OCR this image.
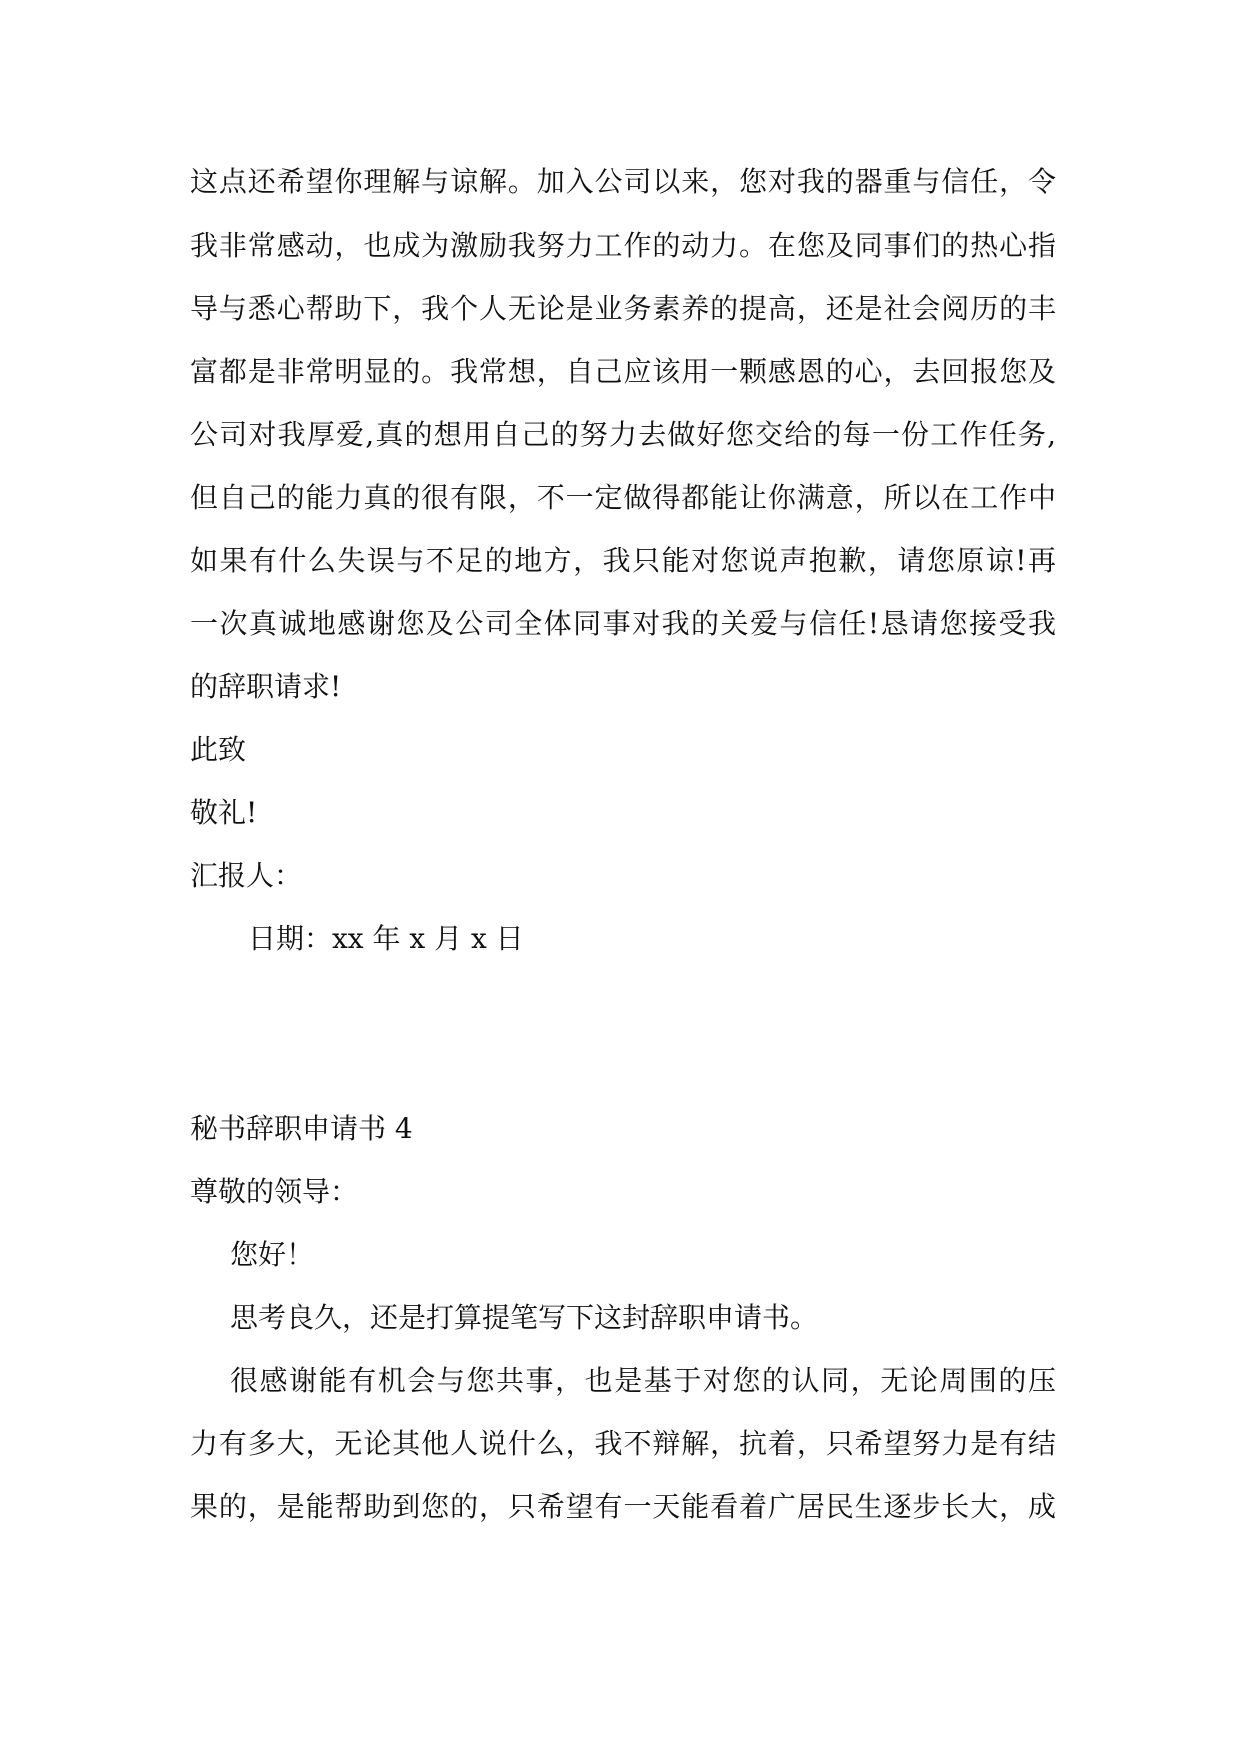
这点还希望你理解与谅解。加入公司以来，您对我的器重与信任，令
我非常感动，也成为激励我努力工作的动力。在您及同事们的热心指
导与悉心帮助下，我个人无论是业务素养的提高，还是社会阅历的丰
富都是非常明显的。我常想，自己应该用一颗感恩的心，去回报您及
公司对我厚爱,真的想用自己的努力去做好您交给的每一份工作任务,
但自己的能力真的很有限，不一定做得都能让你满意，所以在工作中
如果有什么失误与不足的地方，我只能对您说声抱歉，请您原谅!再
一次真诚地感谢您及公司全体同事对我的关爱与信任!恳请您接受我
的辞职请求!
此致
敬礼!
汇报人：
日期：xx 年 x 月 x 日
秘书辞职申请书 4
尊敬的领导：
您好！
思考良久，还是打算提笔写下这封辞职申请书。
很感谢能有机会与您共事，也是基于对您的认同，无论周围的压
力有多大，无论其他人说什么，我不辩解，抗着，只希望努力是有结
果的，是能帮助到您的，只希望有一天能看着广居民生逐步长大，成
